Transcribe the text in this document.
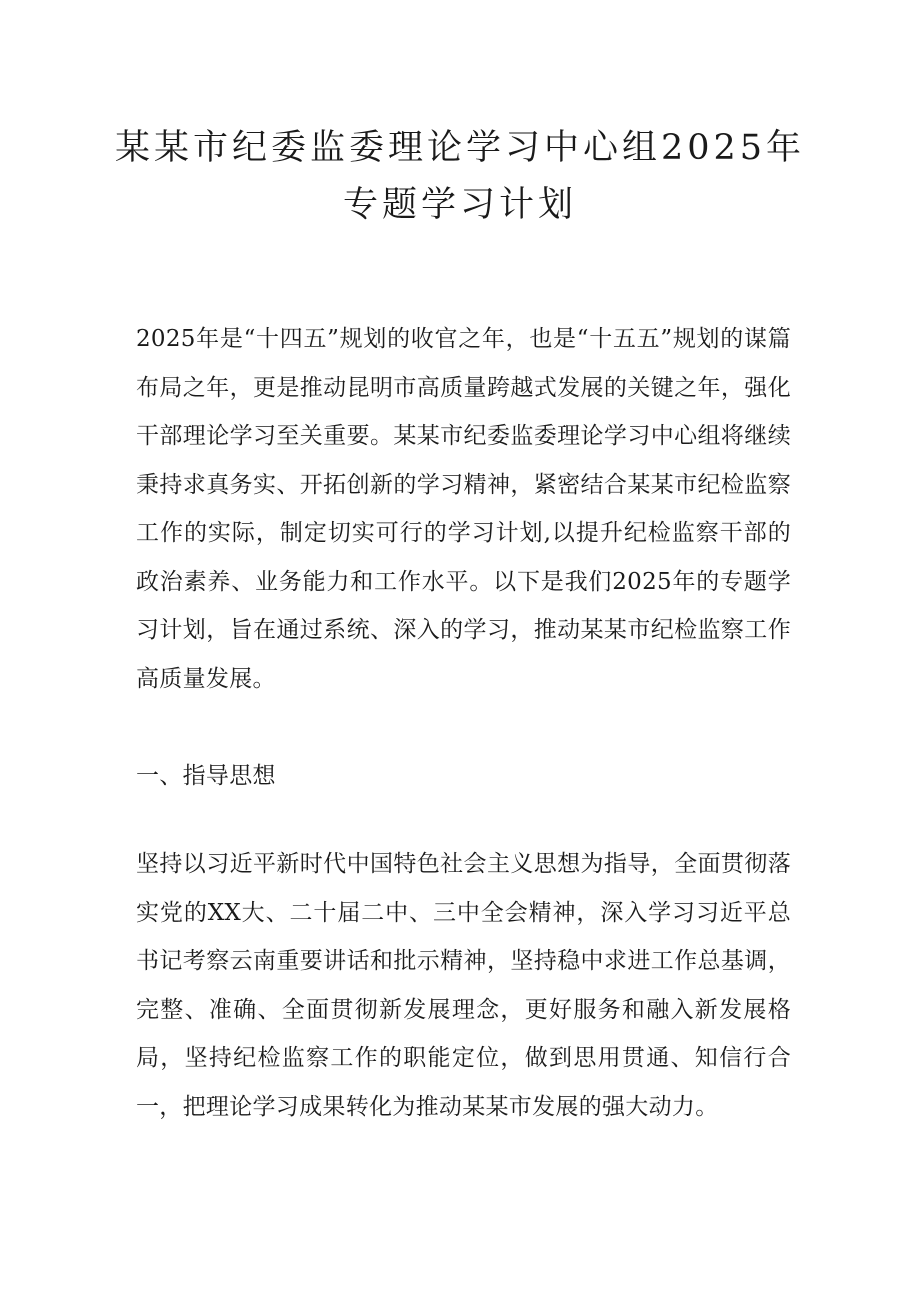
某某市纪委监委理论学习中心组2025年专题学习计划

2025年是“十四五”规划的收官之年，也是“十五五”规划的谋篇布局之年，更是推动昆明市高质量跨越式发展的关键之年，强化干部理论学习至关重要。某某市纪委监委理论学习中心组将继续秉持求真务实、开拓创新的学习精神，紧密结合某某市纪检监察工作的实际，制定切实可行的学习计划,以提升纪检监察干部的政治素养、业务能力和工作水平。以下是我们2025年的专题学习计划，旨在通过系统、深入的学习，推动某某市纪检监察工作高质量发展。

一、指导思想

坚持以习近平新时代中国特色社会主义思想为指导，全面贯彻落实党的XX大、二十届二中、三中全会精神，深入学习习近平总书记考察云南重要讲话和批示精神，坚持稳中求进工作总基调，完整、准确、全面贯彻新发展理念，更好服务和融入新发展格局，坚持纪检监察工作的职能定位，做到思用贯通、知信行合一，把理论学习成果转化为推动某某市发展的强大动力。
